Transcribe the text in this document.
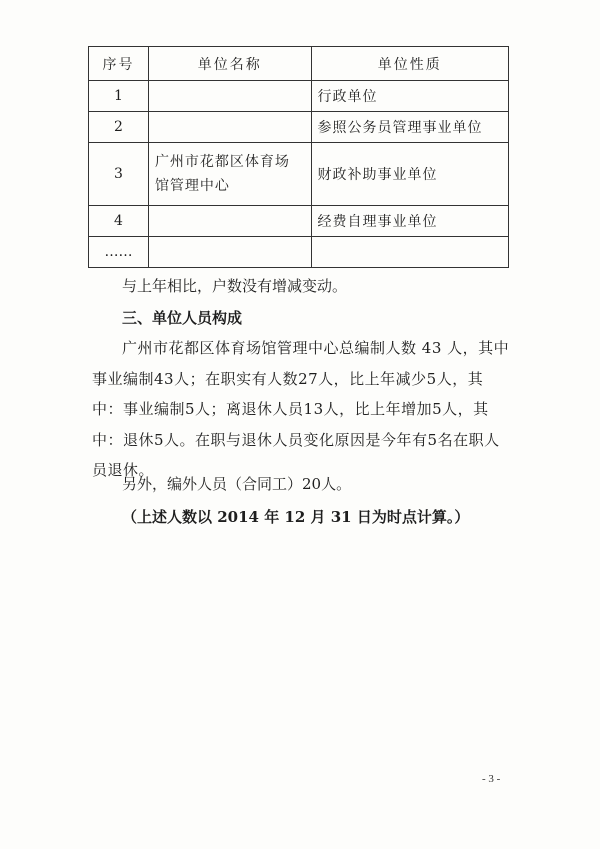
序号	单位名称	单位性质
1		行政单位
2		参照公务员管理事业单位
3	广州市花都区体育场馆管理中心	财政补助事业单位
4		经费自理事业单位
……		

与上年相比，户数没有增减变动。

三、单位人员构成

广州市花都区体育场馆管理中心总编制人数 43 人，其中事业编制43人；在职实有人数27人，比上年减少5人，其中：事业编制5人；离退休人员13人，比上年增加5人，其中：退休5人。在职与退休人员变化原因是今年有5名在职人员退休。

另外，编外人员（合同工）20人。

（上述人数以 2014 年 12 月 31 日为时点计算。）

- 3 -
